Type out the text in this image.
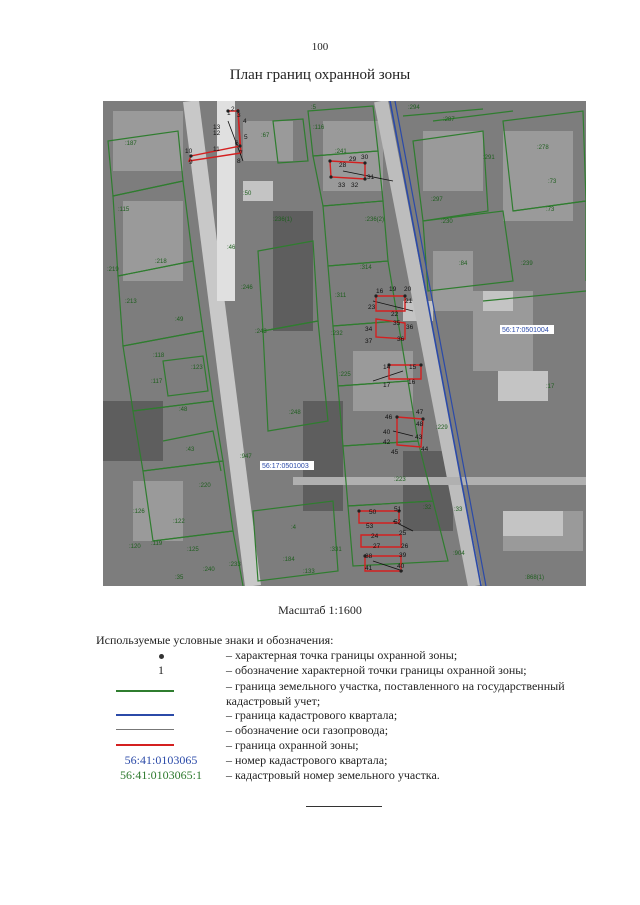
100
План границ охранной зоны
56:17:0501004
56:17:0501003
:187
:5
:116
:294
:287
:67
:241
:236(1)
:291
:278
:115
:50
:236(2)
:297
:73
:230
:73
:219
:218
:46
:314
:84	:239
:213
:49
:246
:311
:243	:232
:118
:123
:117
:225
:17
:48	:248
:229
:43
:947
:223
:220
:126
:122
:4
:32	:33
:120 :119
:125
:184
:331
:240
:233
:35
:133
:904
:868(1)
1
2
3
4
5
6
7
8
9
10	11
12
13
28
29 30
31
32
33
16 19 20
21
22
23
34
35
36
37	36
14	15
16
17
46
47
48
40
43
42
45	44
50	51
52
53
24	25
26
27
38	39
40
41
Масштаб 1:1600
Используемые условные знаки и обозначения:
– характерная точка границы охранной зоны;
1	– обозначение характерной точки границы охранной зоны;
– граница земельного участка, поставленного на государственный кадастровый учет;
– граница кадастрового квартала;
– обозначение оси газопровода;
– граница охранной зоны;
56:41:0103065	– номер кадастрового квартала;
56:41:0103065:1	– кадастровый номер земельного участка.
